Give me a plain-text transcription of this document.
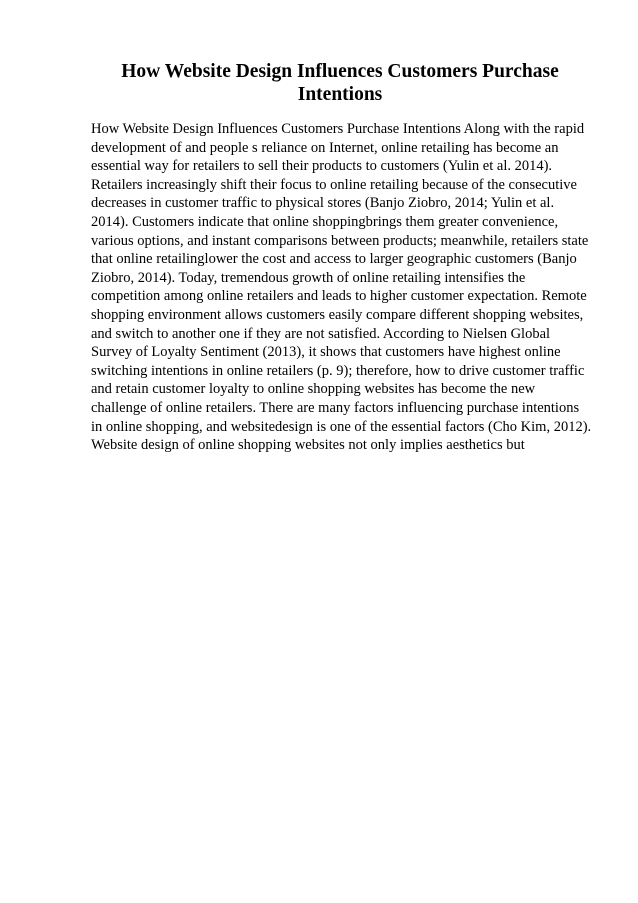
How Website Design Influences Customers Purchase
Intentions

How Website Design Influences Customers Purchase Intentions Along with the rapid
development of and people s reliance on Internet, online retailing has become an
essential way for retailers to sell their products to customers (Yulin et al. 2014).
Retailers increasingly shift their focus to online retailing because of the consecutive
decreases in customer traffic to physical stores (Banjo Ziobro, 2014; Yulin et al.
2014). Customers indicate that online shoppingbrings them greater convenience,
various options, and instant comparisons between products; meanwhile, retailers state
that online retailinglower the cost and access to larger geographic customers (Banjo
Ziobro, 2014). Today, tremendous growth of online retailing intensifies the
competition among online retailers and leads to higher customer expectation. Remote
shopping environment allows customers easily compare different shopping websites,
and switch to another one if they are not satisfied. According to Nielsen Global
Survey of Loyalty Sentiment (2013), it shows that customers have highest online
switching intentions in online retailers (p. 9); therefore, how to drive customer traffic
and retain customer loyalty to online shopping websites has become the new
challenge of online retailers. There are many factors influencing purchase intentions
in online shopping, and websitedesign is one of the essential factors (Cho Kim, 2012).
Website design of online shopping websites not only implies aesthetics but
